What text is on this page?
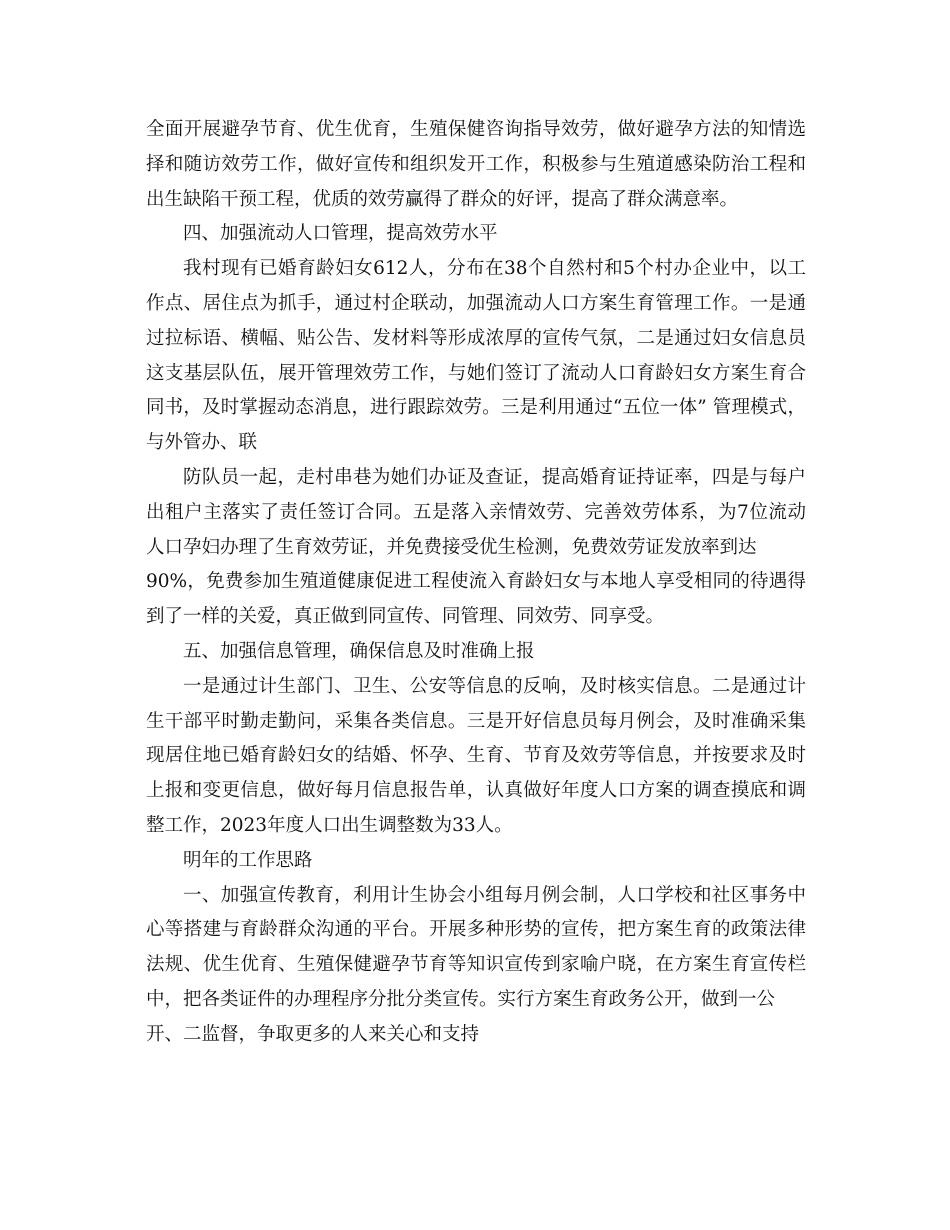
全面开展避孕节育、优生优育，生殖保健咨询指导效劳，做好避孕方法的知情选
择和随访效劳工作，做好宣传和组织发开工作，积极参与生殖道感染防治工程和
出生缺陷干预工程，优质的效劳赢得了群众的好评，提高了群众满意率。
四、加强流动人口管理，提高效劳水平
我村现有已婚育龄妇女612人，分布在38个自然村和5个村办企业中，以工
作点、居住点为抓手，通过村企联动，加强流动人口方案生育管理工作。一是通
过拉标语、横幅、贴公告、发材料等形成浓厚的宣传气氛，二是通过妇女信息员
这支基层队伍，展开管理效劳工作，与她们签订了流动人口育龄妇女方案生育合
同书，及时掌握动态消息，进行跟踪效劳。三是利用通过“五位一体” 管理模式，
与外管办、联
防队员一起，走村串巷为她们办证及查证，提高婚育证持证率，四是与每户
出租户主落实了责任签订合同。五是落入亲情效劳、完善效劳体系，为7位流动
人口孕妇办理了生育效劳证，并免费接受优生检测，免费效劳证发放率到达
90%，免费参加生殖道健康促进工程使流入育龄妇女与本地人享受相同的待遇得
到了一样的关爱，真正做到同宣传、同管理、同效劳、同享受。
五、加强信息管理，确保信息及时准确上报
一是通过计生部门、卫生、公安等信息的反响，及时核实信息。二是通过计
生干部平时勤走勤问，采集各类信息。三是开好信息员每月例会，及时准确采集
现居住地已婚育龄妇女的结婚、怀孕、生育、节育及效劳等信息，并按要求及时
上报和变更信息，做好每月信息报告单，认真做好年度人口方案的调查摸底和调
整工作，2023年度人口出生调整数为33人。
明年的工作思路
一、加强宣传教育，利用计生协会小组每月例会制，人口学校和社区事务中
心等搭建与育龄群众沟通的平台。开展多种形势的宣传，把方案生育的政策法律
法规、优生优育、生殖保健避孕节育等知识宣传到家喻户晓，在方案生育宣传栏
中，把各类证件的办理程序分批分类宣传。实行方案生育政务公开，做到一公
开、二监督，争取更多的人来关心和支持
